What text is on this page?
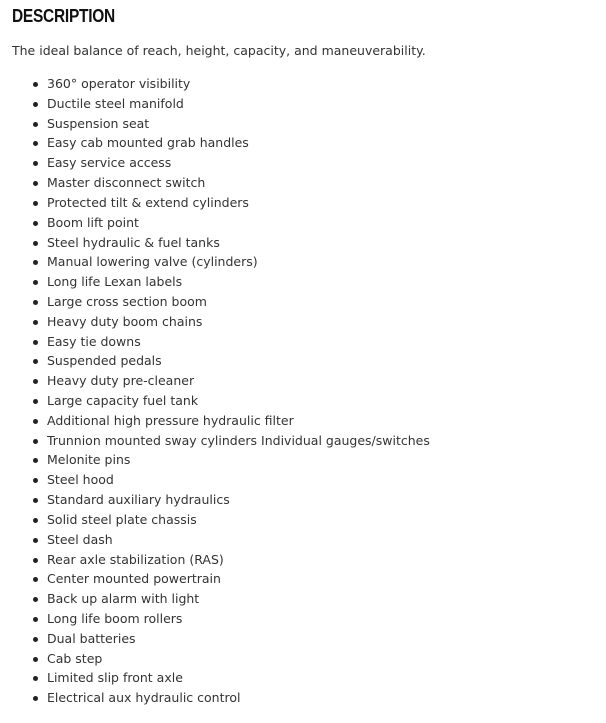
DESCRIPTION
The ideal balance of reach, height, capacity, and maneuverability.
360° operator visibility
Ductile steel manifold
Suspension seat
Easy cab mounted grab handles
Easy service access
Master disconnect switch
Protected tilt & extend cylinders
Boom lift point
Steel hydraulic & fuel tanks
Manual lowering valve (cylinders)
Long life Lexan labels
Large cross section boom
Heavy duty boom chains
Easy tie downs
Suspended pedals
Heavy duty pre-cleaner
Large capacity fuel tank
Additional high pressure hydraulic filter
Trunnion mounted sway cylinders Individual gauges/switches
Melonite pins
Steel hood
Standard auxiliary hydraulics
Solid steel plate chassis
Steel dash
Rear axle stabilization (RAS)
Center mounted powertrain
Back up alarm with light
Long life boom rollers
Dual batteries
Cab step
Limited slip front axle
Electrical aux hydraulic control
